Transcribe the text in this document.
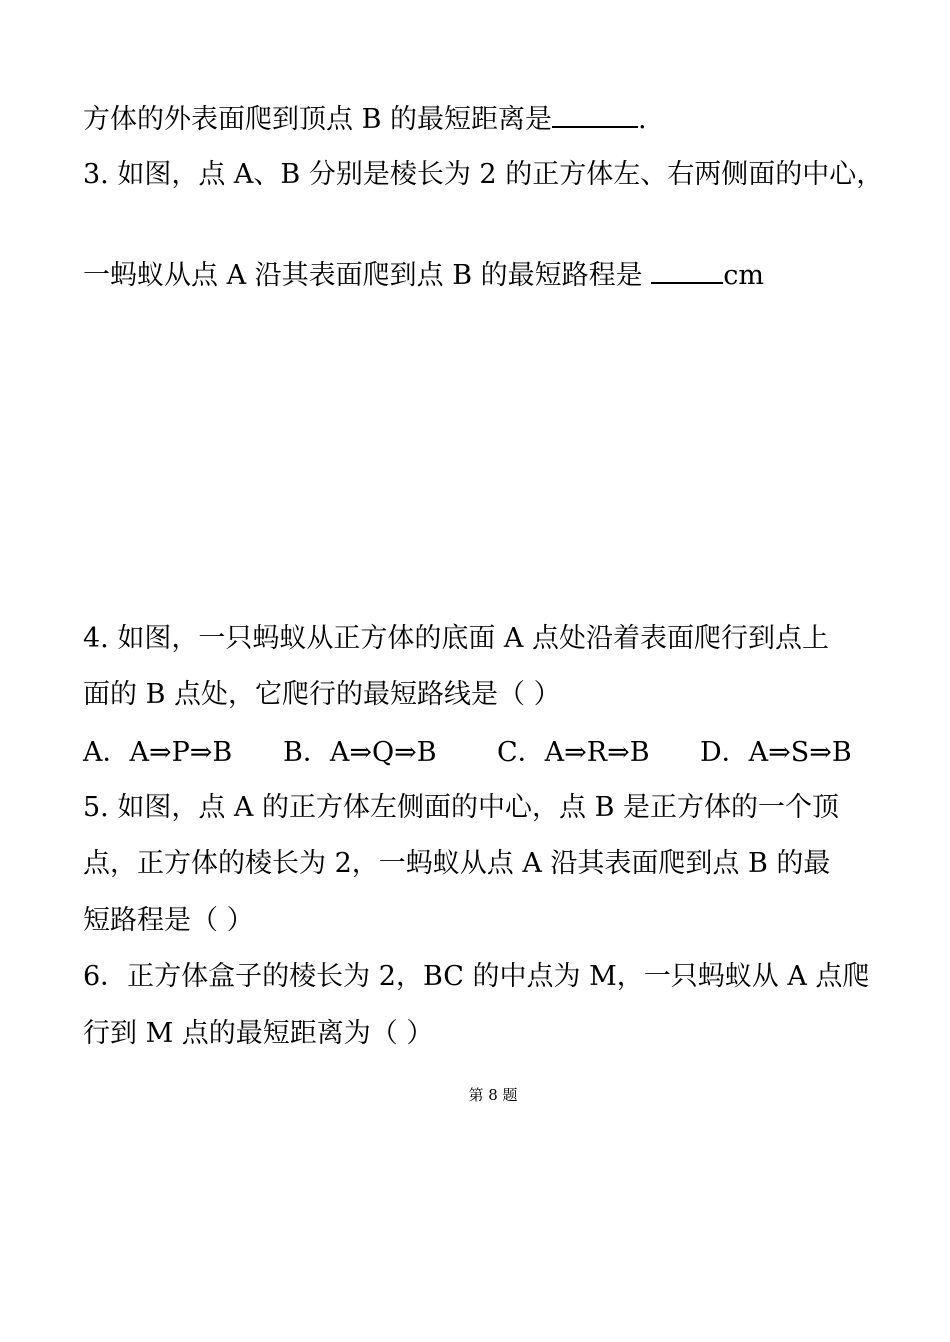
方体的外表面爬到顶点 B 的最短距离是	.
3. 如图，点 A、B 分别是棱长为 2 的正方体左、右两侧面的中心，
一蚂蚁从点 A 沿其表面爬到点 B 的最短路程是	cm
4. 如图，一只蚂蚁从正方体的底面 A 点处沿着表面爬行到点上
面的 B 点处，它爬行的最短路线是（ ）
A．A⇒P⇒B B．A⇒Q⇒B C．A⇒R⇒B D．A⇒S⇒B
5. 如图，点 A 的正方体左侧面的中心，点 B 是正方体的一个顶
点，正方体的棱长为 2，一蚂蚁从点 A 沿其表面爬到点 B 的最
短路程是（ ）
6．正方体盒子的棱长为 2，BC 的中点为 M，一只蚂蚁从 A 点爬
行到 M 点的最短距离为（ ）
第 8 题
